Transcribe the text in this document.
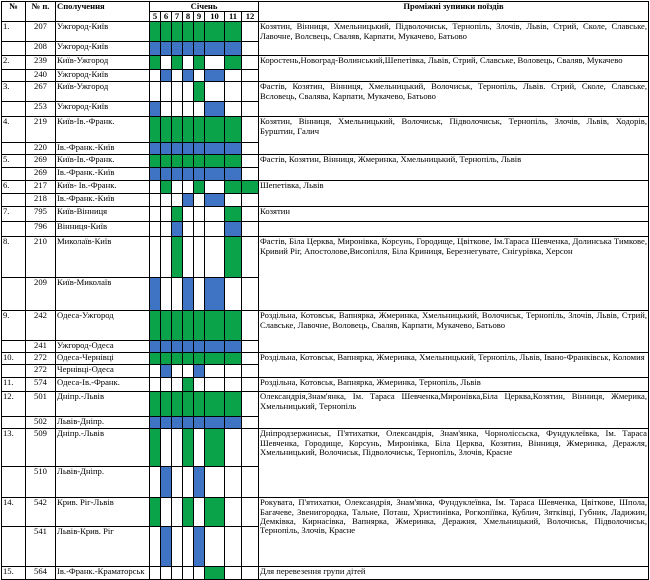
№	№ п.	Сполучення	Січень								Проміжні зупинки поїздів
			5	6	7	8	9	10	11	12	
1.	207	Ужгород-Київ									Козятин, Вінниця, Хмельницький, Підволочиськ, Тернопіль, Злочів, Львів, Стрий, Сколе, Славське, Лавочне, Волсвець, Сваляв, Карпати, Мукачево, Батьово
	208	Ужгород-Київ									
2.	239	Київ-Ужгород									Коростень,Новоград-Волинський,Шепетівка, Львів, Стрий, Славське, Воловець, Сваляв, Мукачево
	240	Ужгород-Київ									
3.	267	Київ-Ужгород									Фастів, Козятин, Вінниця, Хмельницький, Волочиськ, Тернопіль, Львів. Стрий, Сколе, Славське, Всловець, Свалява, Карпати, Мукачево, Батьово
	253	Ужгород-Київ									
4.	219	Київ-Ів.-Франк.									Козятин, Вінниця, Хмельницький, Волочиськ, Підволочиськ, Тернопіль, Злочів, Львів, Ходорів, Бурштин, Галич
	220	Ів.-Франк.-Київ									
5.	269	Київ-Ів.-Франк.									Фастів, Козятин, Вінниця, Жмеринка, Хмельницький, Тернопіль, Львів
	269	Ів.-Франк.-Київ									
6.	217	Київ- Ів.-Франк.									Шепетівка, Львів
	218	Ів.-Франк.-Київ									
7.	795	Київ-Вінниця									Козятин
	796	Вінниця-Київ									
8.	210	Миколаїв-Київ									Фастів, Біла Церква, Миронівка, Корсунь, Городище, Цвіткове, Ім.Тараса Шевченка, Долинська Тимкове, Кривий Ріг, Апостолове,Висопілля, Біла Криниця, Березнегувате, Снігурівка, Херсон
	209	Київ-Миколаїв									
9.	242	Одеса-Ужгород									Роздільна, Котовськ, Вапнярка, Жмеринка, Хмельницький, Волочиськ, Тернопіль, Злочів, Львів, Стрий, Славське, Лавочне, Воловець, Сваляв, Карпати, Мукачево, Батьово
	241	Ужгород-Одеса									
10.	272	Одеса-Чернівці									Роздільна, Котовськ, Вапнярка, Жмеринка, Хмельницький, Тернопіль, Львів, Івано-Франківськ, Коломия
	272	Чернівці-Одеса									
11.	574	Одеса-Ів.-Франк.									Роздільна, Котовськ, Вапнярка, Жмеринка, Тернопіль, Львів
12.	501	Дніпр.-Львів									Олександрія,Знам'янка, Ім. Тараса Шевченка,Миронівка,Біла Церква,Козятин, Вінниця, Жмерика, Хмельницький, Тернопіль
	502	Львів-Дніпр.									
13.	509	Дніпр.-Львів									Дніпродзержинськ, П'ятихатки, Олександрія, Знам'янка, Чорноліссьска, Фундуклеївка, Ім. Тараса Шевченка, Городище, Корсунь, Миронівка, Біла Церква, Козятин, Вінниця, Жмеринка, Деражля, Хмельницький, Волочиськ, Підволочиськ, Тернопіль, Злочів, Красне
	510	Львів-Дніпр.									
14.	542	Крив. Ріг-Львів									Рокувата, П'ятихатки, Олександрія, Знам'янка, Фундуклеївка, Ім. Тараса Шевченка, Цвіткове, Шпола, Багачеве, Звенигородка, Тальне, Поташ, Христинівка, Рогкопіївка, Кублич, Зятківці, Губник, Ладижин, Демківка, Кирнасівка, Вапнярка, Жмеринка, Деражня, Хмельницький, Волочиськ, Підволочиськ, Тернопіль, Злочів, Красне
	541	Львів-Крив. Ріг									
15.	564	Ів.-Франк.-Краматорськ									Для перевезення групи дітей
